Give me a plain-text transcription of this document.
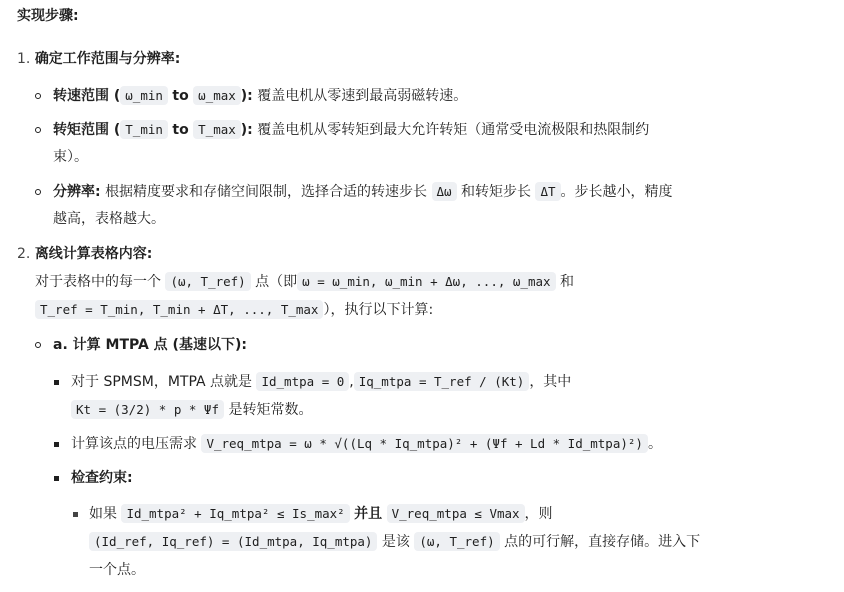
实现步骤:
1. 确定工作范围与分辨率:
转速范围 ( ω_min to ω_max ): 覆盖电机从零速到最高弱磁转速。
转矩范围 ( T_min to T_max ): 覆盖电机从零转矩到最大允许转矩（通常受电流极限和热限制约
束）。
分辨率: 根据精度要求和存储空间限制，选择合适的转速步长 Δω 和转矩步长 ΔT 。步长越小，精度
越高，表格越大。
2. 离线计算表格内容:
对于表格中的每一个 (ω, T_ref) 点（即 ω = ω_min, ω_min + Δω, ..., ω_max 和
T_ref = T_min, T_min + ΔT, ..., T_max ），执行以下计算:
a. 计算 MTPA 点 (基速以下):
对于 SPMSM，MTPA 点就是 Id_mtpa = 0 , Iq_mtpa = T_ref / (Kt) ，其中
Kt = (3/2) * p * Ψf 是转矩常数。
计算该点的电压需求 V_req_mtpa = ω * √((Lq * Iq_mtpa)² + (Ψf + Ld * Id_mtpa)²) 。
检查约束:
如果 Id_mtpa² + Iq_mtpa² ≤ Is_max² 并且 V_req_mtpa ≤ Vmax ，则
(Id_ref, Iq_ref) = (Id_mtpa, Iq_mtpa) 是该 (ω, T_ref) 点的可行解，直接存储。进入下
一个点。
